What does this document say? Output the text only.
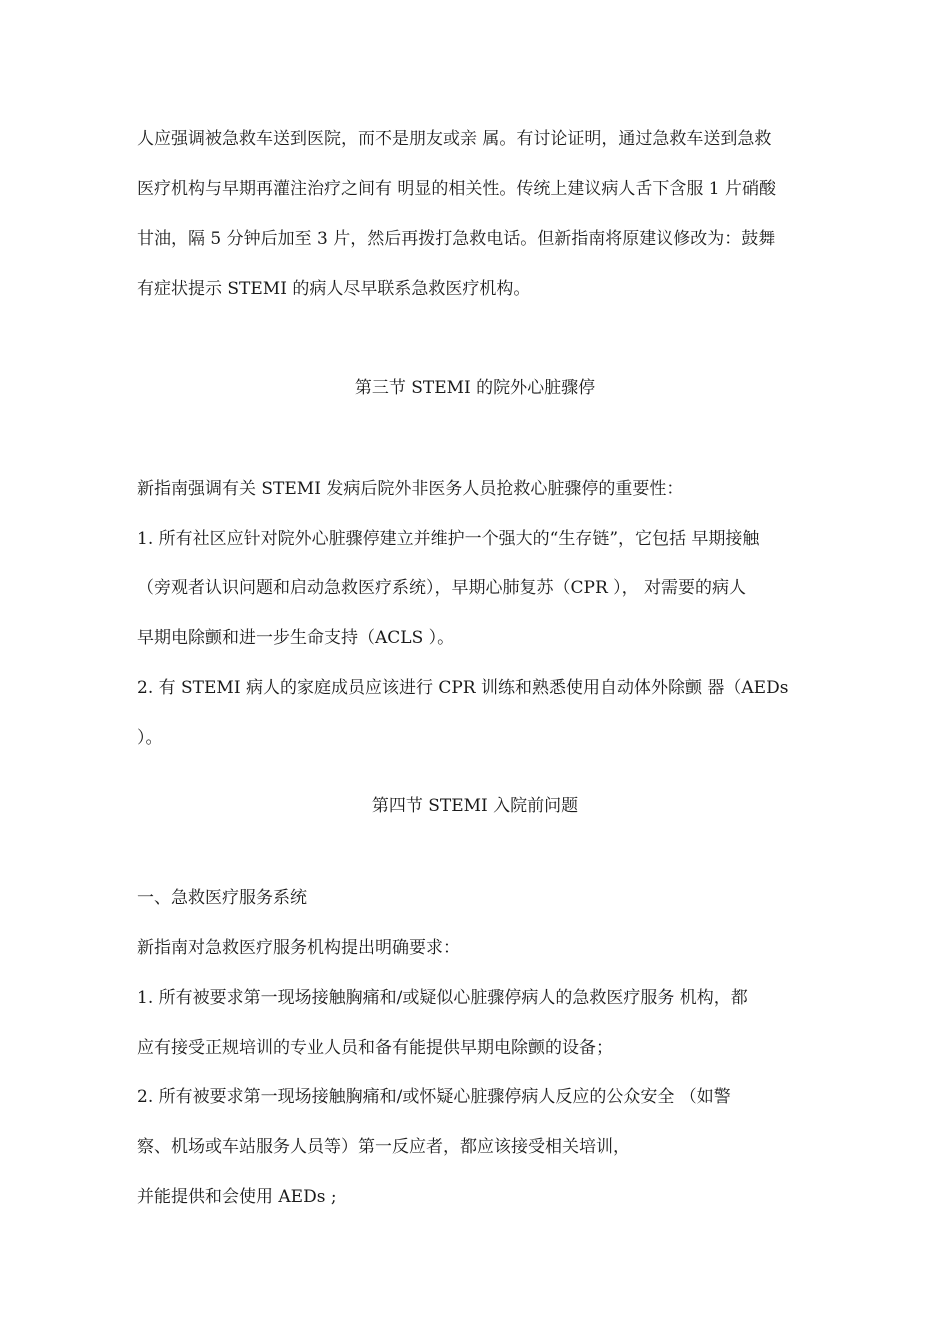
人应强调被急救车送到医院，而不是朋友或亲 属。有讨论证明，通过急救车送到急救
医疗机构与早期再灌注治疗之间有 明显的相关性。传统上建议病人舌下含服 1 片硝酸
甘油，隔 5 分钟后加至 3 片，然后再拨打急救电话。但新指南将原建议修改为：鼓舞
有症状提示 STEMI 的病人尽早联系急救医疗机构。
第三节 STEMI 的院外心脏骤停
新指南强调有关 STEMI 发病后院外非医务人员抢救心脏骤停的重要性：
1. 所有社区应针对院外心脏骤停建立并维护一个强大的“生存链”，它包括 早期接触
（旁观者认识问题和启动急救医疗系统），早期心肺复苏（CPR ）， 对需要的病人
早期电除颤和进一步生命支持（ACLS ）。
2. 有 STEMI 病人的家庭成员应该进行 CPR 训练和熟悉使用自动体外除颤 器（AEDs
）。
第四节 STEMI 入院前问题
一、急救医疗服务系统
新指南对急救医疗服务机构提出明确要求：
1. 所有被要求第一现场接触胸痛和/或疑似心脏骤停病人的急救医疗服务 机构，都
应有接受正规培训的专业人员和备有能提供早期电除颤的设备；
2. 所有被要求第一现场接触胸痛和/或怀疑心脏骤停病人反应的公众安全 （如警
察、机场或车站服务人员等）第一反应者，都应该接受相关培训，
并能提供和会使用 AEDs ;
